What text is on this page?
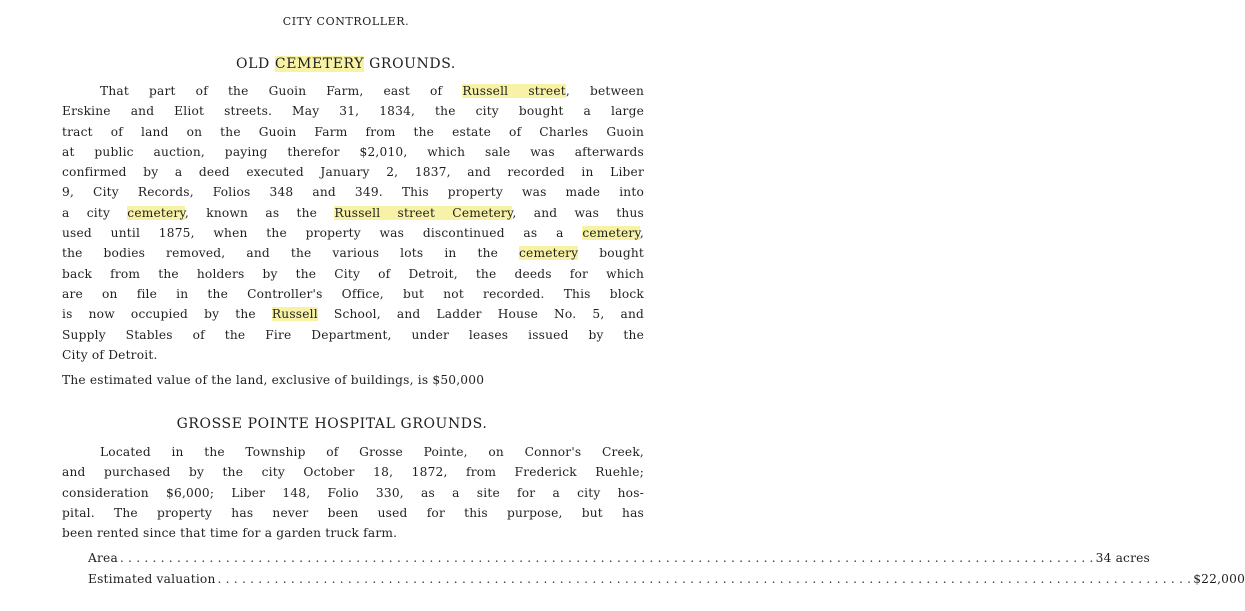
CITY CONTROLLER.
OLD CEMETERY GROUNDS.
That part of the Guoin Farm, east of Russell street, between
Erskine and Eliot streets. May 31, 1834, the city bought a large
tract of land on the Guoin Farm from the estate of Charles Guoin
at public auction, paying therefor $2,010, which sale was afterwards
confirmed by a deed executed January 2, 1837, and recorded in Liber
9, City Records, Folios 348 and 349. This property was made into
a city cemetery, known as the Russell street Cemetery, and was thus
used until 1875, when the property was discontinued as a cemetery,
the bodies removed, and the various lots in the cemetery bought
back from the holders by the City of Detroit, the deeds for which
are on file in the Controller's Office, but not recorded. This block
is now occupied by the Russell School, and Ladder House No. 5, and
Supply Stables of the Fire Department, under leases issued by the
City of Detroit.
The estimated value of the land, exclusive of buildings, is $50,000
GROSSE POINTE HOSPITAL GROUNDS.
Located in the Township of Grosse Pointe, on Connor's Creek,
and purchased by the city October 18, 1872, from Frederick Ruehle;
consideration $6,000; Liber 148, Folio 330, as a site for a city hos-
pital. The property has never been used for this purpose, but has
been rented since that time for a garden truck farm.
Area . . . . . . . . . . . . . . . . . . . . . . . . . . . . . . . . . . . . . . . . . . . . . . . . . . . . . . . . . . . . . . . . . . . . . . . . . . . . . . . . . . . . . . . . . . . . . . . . . . . . . . . . . . . . . . . . . . . . . . . . 34 acres
Estimated valuation . . . . . . . . . . . . . . . . . . . . . . . . . . . . . . . . . . . . . . . . . . . . . . . . . . . . . . . . . . . . . . . . . . . . . . . . . . . . . . . . . . . . . . . . . . . . . . . . . . . . . . . . . . . . . . . . . . . . . . . . $22,000
